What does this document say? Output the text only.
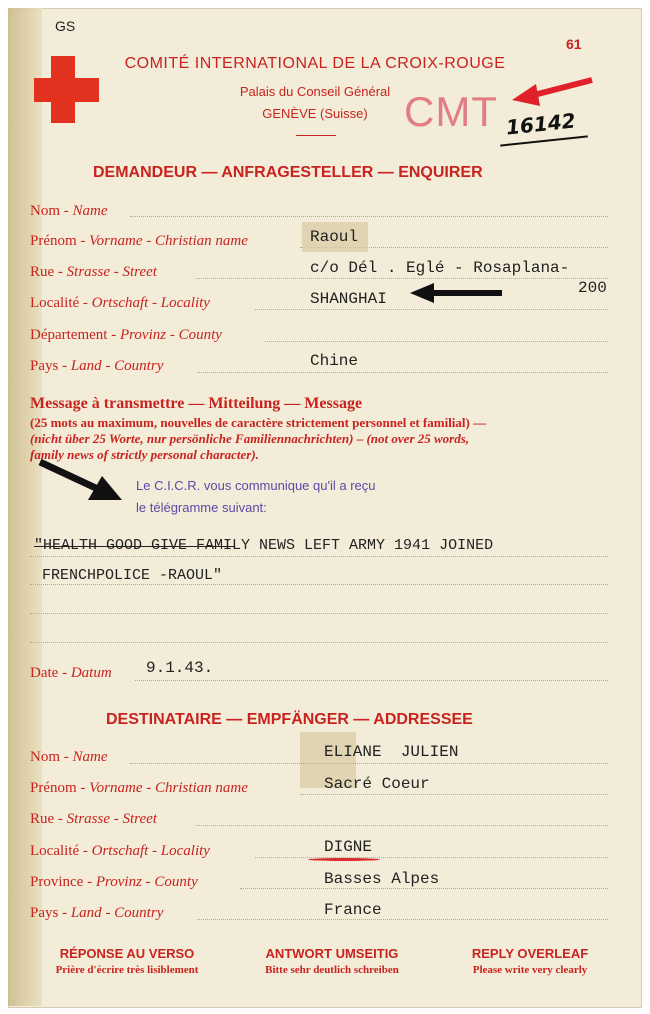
GS
61
COMITÉ INTERNATIONAL DE LA CROIX-ROUGE
Palais du Conseil Général
GENÈVE (Suisse) CMT 16142
DEMANDEUR — ANFRAGESTELLER — ENQUIRER
Nom - Name
Prénom - Vorname - Christian name	Raoul
Rue - Strasse - Street	c/o Dél . Eglé - Rosaplana-
200
Localité - Ortschaft - Locality	SHANGHAI
Département - Provinz - County
Pays - Land - Country	Chine
Message à transmettre — Mitteilung — Message
(25 mots au maximum, nouvelles de caractère strictement personnel et familial) —
(nicht über 25 Worte, nur persönliche Familiennachrichten) – (not over 25 words,
family news of strictly personal character).
Le C.I.C.R. vous communique qu'il a reçu
le télégramme suivant:
"HEALTH GOOD GIVE FAMILY NEWS LEFT ARMY 1941 JOINED
FRENCHPOLICE -RAOUL"
Date - Datum 9.1.43.
DESTINATAIRE — EMPFÄNGER — ADDRESSEE
Nom - Name	ELIANE  JULIEN
Prénom - Vorname - Christian name	Sacré Coeur
Rue - Strasse - Street
Localité - Ortschaft - Locality	DIGNE
Province - Provinz - County	Basses Alpes
Pays - Land - Country	France
RÉPONSE AU VERSO
Prière d'écrire très lisiblement
ANTWORT UMSEITIG
Bitte sehr deutlich schreiben
REPLY OVERLEAF
Please write very clearly
